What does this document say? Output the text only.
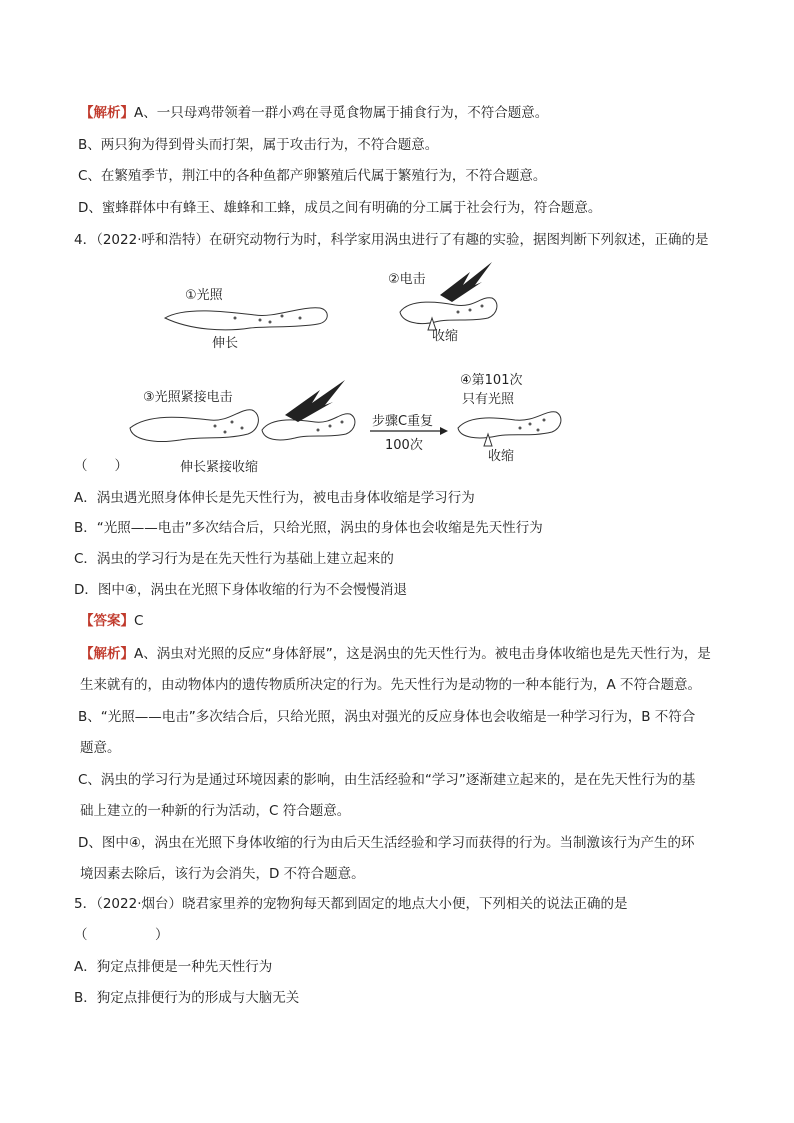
【解析】A、一只母鸡带领着一群小鸡在寻觅食物属于捕食行为，不符合题意。
B、两只狗为得到骨头而打架，属于攻击行为，不符合题意。
C、在繁殖季节，荆江中的各种鱼都产卵繁殖后代属于繁殖行为，不符合题意。
D、蜜蜂群体中有蜂王、雄蜂和工蜂，成员之间有明确的分工属于社会行为，符合题意。
4．（2022·呼和浩特）在研究动物行为时，科学家用涡虫进行了有趣的实验，据图判断下列叙述，正确的是
①光照
伸长
②电击
收缩
③光照紧接电击
伸长紧接收缩
步骤C重复
100次
④第101次
只有光照
收缩
（　　）
A．涡虫遇光照身体伸长是先天性行为，被电击身体收缩是学习行为
B．“光照——电击”多次结合后，只给光照，涡虫的身体也会收缩是先天性行为
C．涡虫的学习行为是在先天性行为基础上建立起来的
D．图中④，涡虫在光照下身体收缩的行为不会慢慢消退
【答案】C
【解析】A、涡虫对光照的反应“身体舒展”，这是涡虫的先天性行为。被电击身体收缩也是先天性行为，是
生来就有的，由动物体内的遗传物质所决定的行为。先天性行为是动物的一种本能行为，A 不符合题意。
B、“光照——电击”多次结合后，只给光照，涡虫对强光的反应身体也会收缩是一种学习行为，B 不符合
题意。
C、涡虫的学习行为是通过环境因素的影响，由生活经验和“学习”逐渐建立起来的，是在先天性行为的基
础上建立的一种新的行为活动，C 符合题意。
D、图中④，涡虫在光照下身体收缩的行为由后天生活经验和学习而获得的行为。当制激该行为产生的环
境因素去除后，该行为会消失，D 不符合题意。
5．（2022·烟台）晓君家里养的宠物狗每天都到固定的地点大小便，下列相关的说法正确的是
（　　　　　）
A．狗定点排便是一种先天性行为
B．狗定点排便行为的形成与大脑无关
